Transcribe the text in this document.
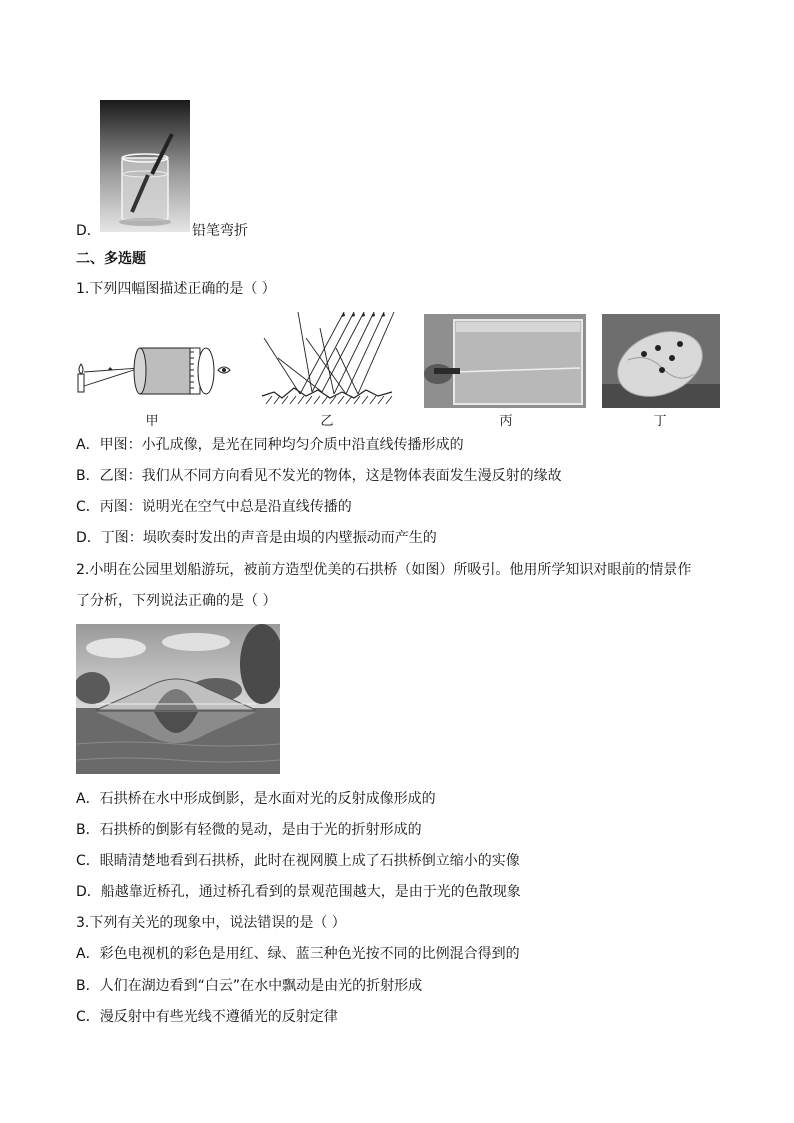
D．	铅笔弯折
二、多选题
1.下列四幅图描述正确的是（ ）
甲	乙	丙	丁
A．甲图：小孔成像，是光在同种均匀介质中沿直线传播形成的
B．乙图：我们从不同方向看见不发光的物体，这是物体表面发生漫反射的缘故
C．丙图：说明光在空气中总是沿直线传播的
D．丁图：埙吹奏时发出的声音是由埙的内壁振动而产生的
2.小明在公园里划船游玩，被前方造型优美的石拱桥（如图）所吸引。他用所学知识对眼前的情景作
了分析，下列说法正确的是（ ）
A．石拱桥在水中形成倒影，是水面对光的反射成像形成的
B．石拱桥的倒影有轻微的晃动，是由于光的折射形成的
C．眼睛清楚地看到石拱桥，此时在视网膜上成了石拱桥倒立缩小的实像
D．船越靠近桥孔，通过桥孔看到的景观范围越大，是由于光的色散现象
3.下列有关光的现象中，说法错误的是（ ）
A．彩色电视机的彩色是用红、绿、蓝三种色光按不同的比例混合得到的
B．人们在湖边看到“白云”在水中飘动是由光的折射形成
C．漫反射中有些光线不遵循光的反射定律
